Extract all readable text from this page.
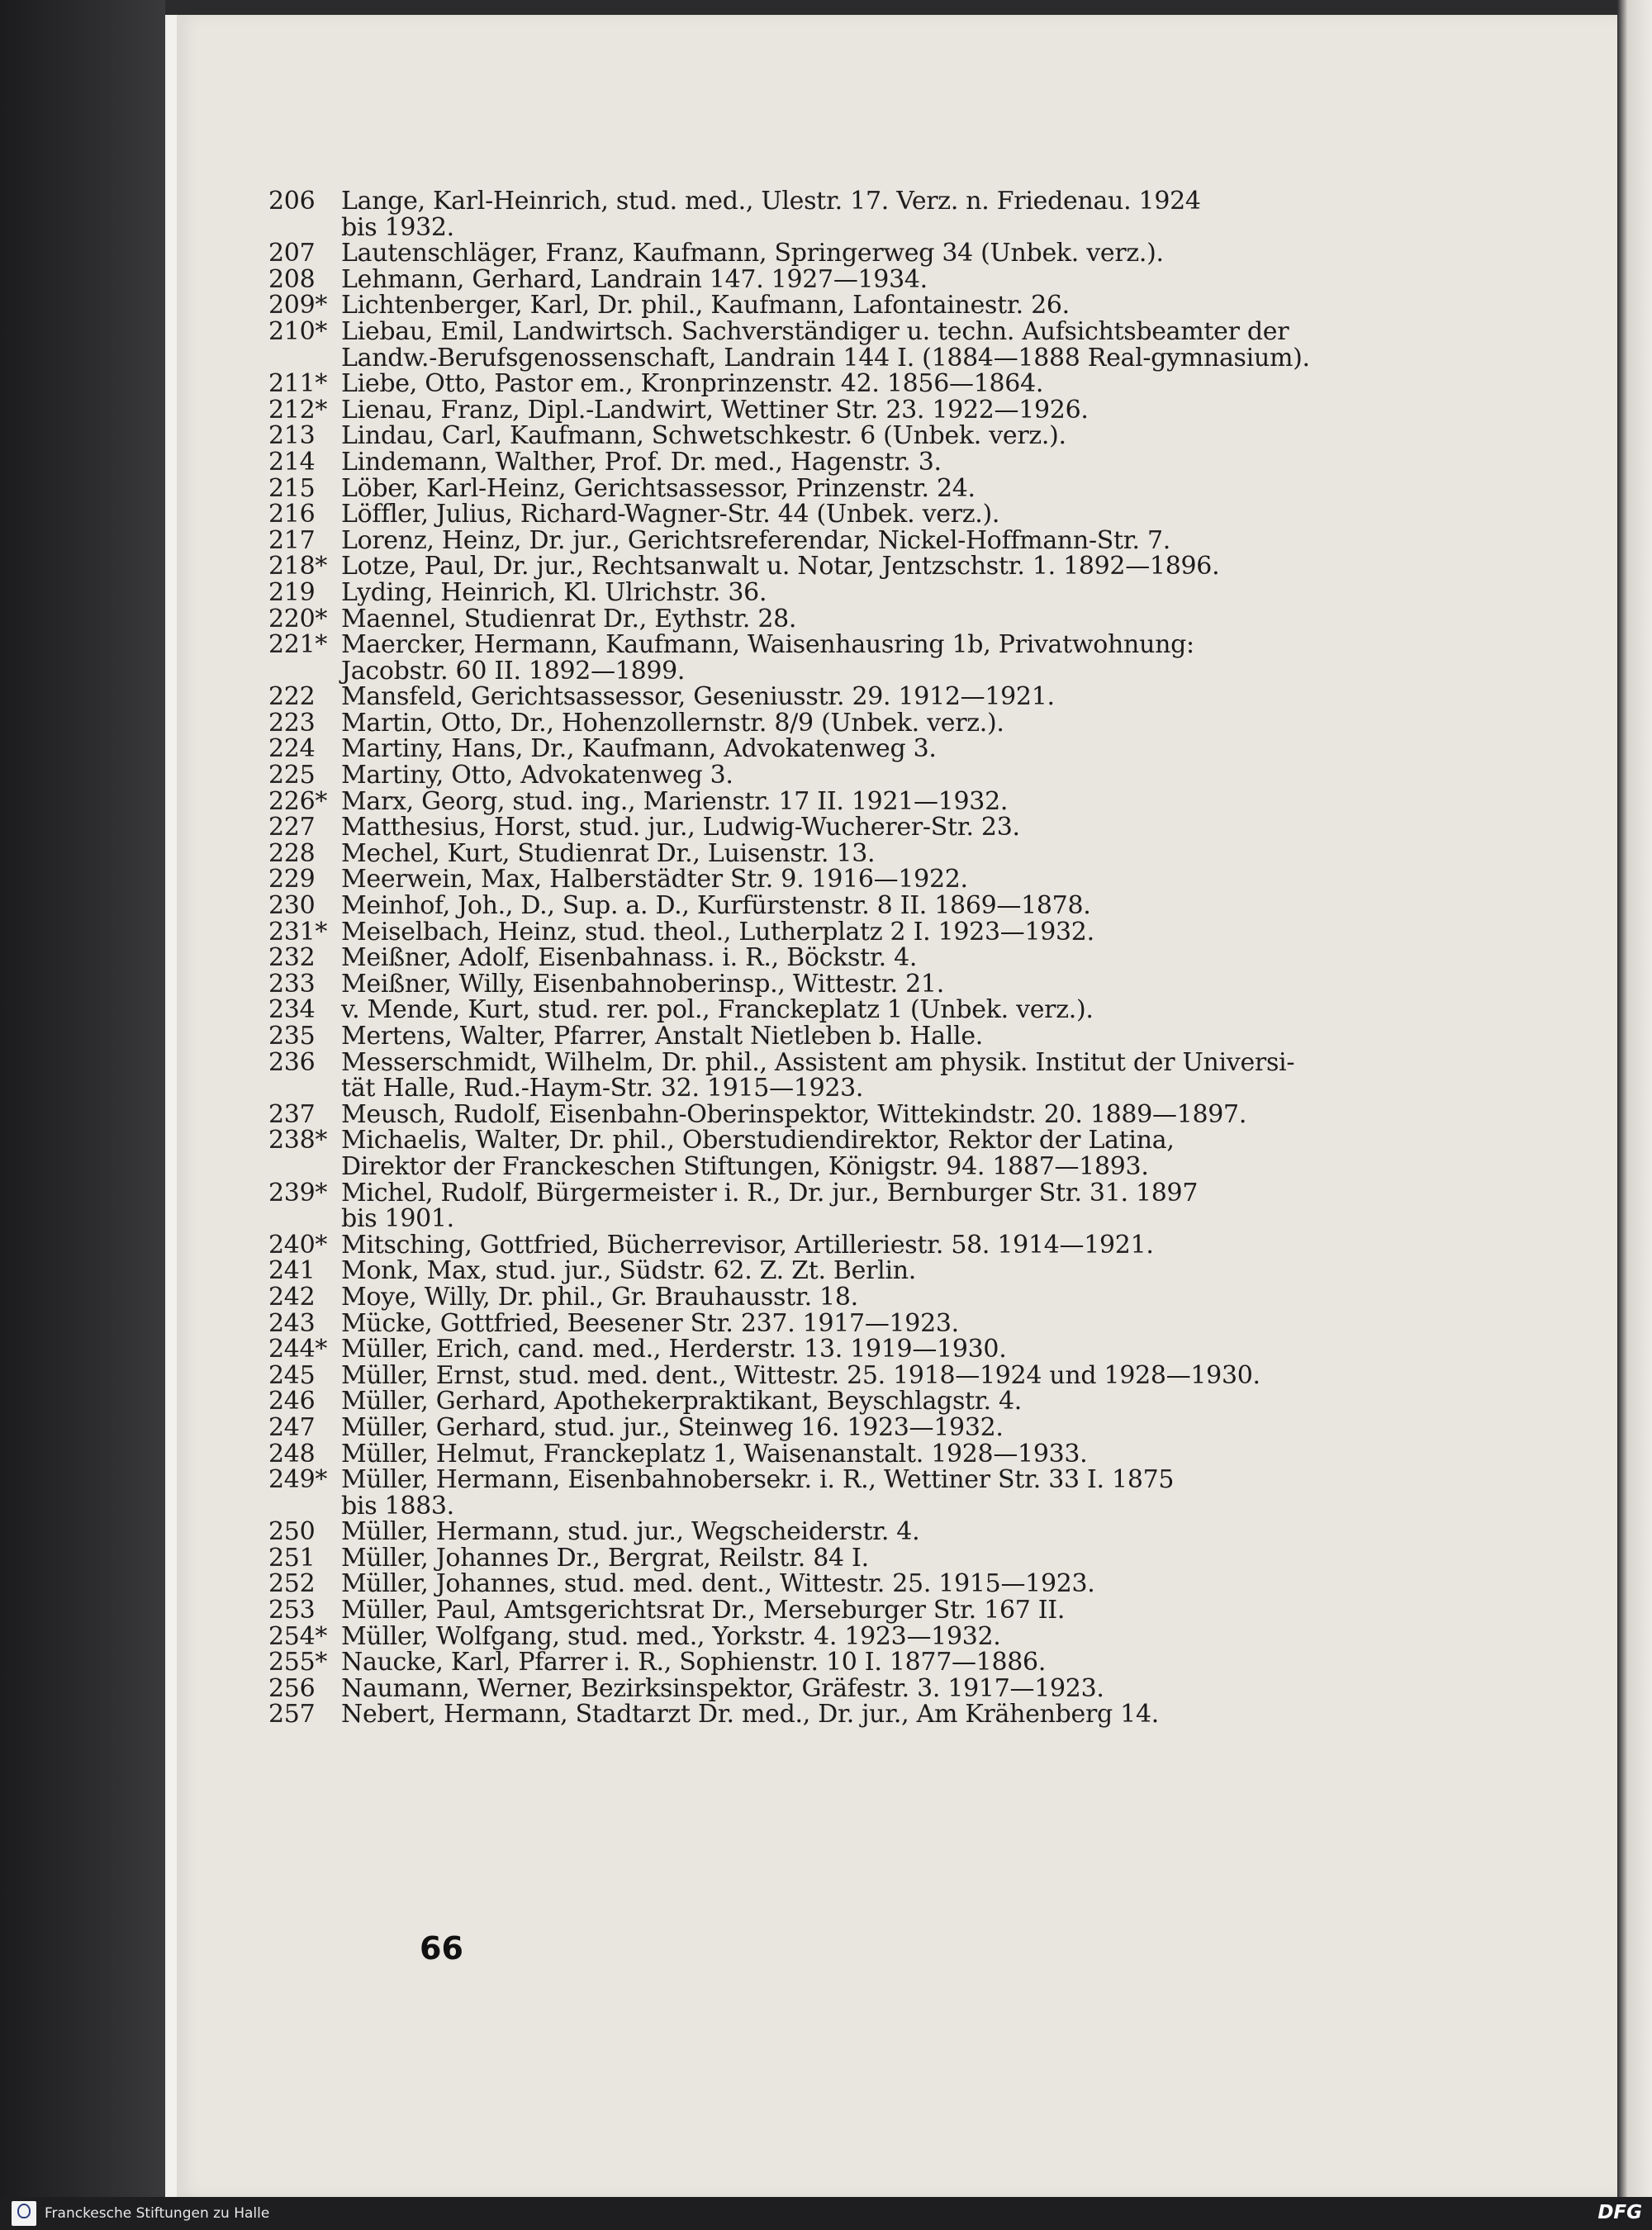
206	Lange, Karl-Heinrich, stud. med., Ulestr. 17. Verz. n. Friedenau. 1924
bis 1932.
207	Lautenschläger, Franz, Kaufmann, Springerweg 34 (Unbek. verz.).
208	Lehmann, Gerhard, Landrain 147. 1927—1934.
209* Lichtenberger, Karl, Dr. phil., Kaufmann, Lafontainestr. 26.
210* Liebau, Emil, Landwirtsch. Sachverständiger u. techn. Aufsichtsbeamter der
Landw.-Berufsgenossenschaft, Landrain 144 I. (1884—1888 Real-gymnasium).
211* Liebe, Otto, Pastor em., Kronprinzenstr. 42. 1856—1864.
212* Lienau, Franz, Dipl.-Landwirt, Wettiner Str. 23. 1922—1926.
213	Lindau, Carl, Kaufmann, Schwetschkestr. 6 (Unbek. verz.).
214	Lindemann, Walther, Prof. Dr. med., Hagenstr. 3.
215	Löber, Karl-Heinz, Gerichtsassessor, Prinzenstr. 24.
216	Löffler, Julius, Richard-Wagner-Str. 44 (Unbek. verz.).
217	Lorenz, Heinz, Dr. jur., Gerichtsreferendar, Nickel-Hoffmann-Str. 7.
218* Lotze, Paul, Dr. jur., Rechtsanwalt u. Notar, Jentzschstr. 1. 1892—1896.
219	Lyding, Heinrich, Kl. Ulrichstr. 36.
220* Maennel, Studienrat Dr., Eythstr. 28.
221* Maercker, Hermann, Kaufmann, Waisenhausring 1b, Privatwohnung:
Jacobstr. 60 II. 1892—1899.
222	Mansfeld, Gerichtsassessor, Geseniusstr. 29. 1912—1921.
223	Martin, Otto, Dr., Hohenzollernstr. 8/9 (Unbek. verz.).
224	Martiny, Hans, Dr., Kaufmann, Advokatenweg 3.
225	Martiny, Otto, Advokatenweg 3.
226* Marx, Georg, stud. ing., Marienstr. 17 II. 1921—1932.
227	Matthesius, Horst, stud. jur., Ludwig-Wucherer-Str. 23.
228	Mechel, Kurt, Studienrat Dr., Luisenstr. 13.
229	Meerwein, Max, Halberstädter Str. 9. 1916—1922.
230	Meinhof, Joh., D., Sup. a. D., Kurfürstenstr. 8 II. 1869—1878.
231* Meiselbach, Heinz, stud. theol., Lutherplatz 2 I. 1923—1932.
232	Meißner, Adolf, Eisenbahnass. i. R., Böckstr. 4.
233	Meißner, Willy, Eisenbahnoberinsp., Wittestr. 21.
234	v. Mende, Kurt, stud. rer. pol., Franckeplatz 1 (Unbek. verz.).
235	Mertens, Walter, Pfarrer, Anstalt Nietleben b. Halle.
236	Messerschmidt, Wilhelm, Dr. phil., Assistent am physik. Institut der Universi-
tät Halle, Rud.-Haym-Str. 32. 1915—1923.
237	Meusch, Rudolf, Eisenbahn-Oberinspektor, Wittekindstr. 20. 1889—1897.
238* Michaelis, Walter, Dr. phil., Oberstudiendirektor, Rektor der Latina,
Direktor der Franckeschen Stiftungen, Königstr. 94. 1887—1893.
239* Michel, Rudolf, Bürgermeister i. R., Dr. jur., Bernburger Str. 31. 1897
bis 1901.
240* Mitsching, Gottfried, Bücherrevisor, Artilleriestr. 58. 1914—1921.
241	Monk, Max, stud. jur., Südstr. 62. Z. Zt. Berlin.
242	Moye, Willy, Dr. phil., Gr. Brauhausstr. 18.
243	Mücke, Gottfried, Beesener Str. 237. 1917—1923.
244* Müller, Erich, cand. med., Herderstr. 13. 1919—1930.
245	Müller, Ernst, stud. med. dent., Wittestr. 25. 1918—1924 und 1928—1930.
246	Müller, Gerhard, Apothekerpraktikant, Beyschlagstr. 4.
247	Müller, Gerhard, stud. jur., Steinweg 16. 1923—1932.
248	Müller, Helmut, Franckeplatz 1, Waisenanstalt. 1928—1933.
249* Müller, Hermann, Eisenbahnobersekr. i. R., Wettiner Str. 33 I. 1875
bis 1883.
250	Müller, Hermann, stud. jur., Wegscheiderstr. 4.
251	Müller, Johannes Dr., Bergrat, Reilstr. 84 I.
252	Müller, Johannes, stud. med. dent., Wittestr. 25. 1915—1923.
253	Müller, Paul, Amtsgerichtsrat Dr., Merseburger Str. 167 II.
254* Müller, Wolfgang, stud. med., Yorkstr. 4. 1923—1932.
255* Naucke, Karl, Pfarrer i. R., Sophienstr. 10 I. 1877—1886.
256	Naumann, Werner, Bezirksinspektor, Gräfestr. 3. 1917—1923.
257	Nebert, Hermann, Stadtarzt Dr. med., Dr. jur., Am Krähenberg 14.
66
Franckesche Stiftungen zu Halle	DFG
